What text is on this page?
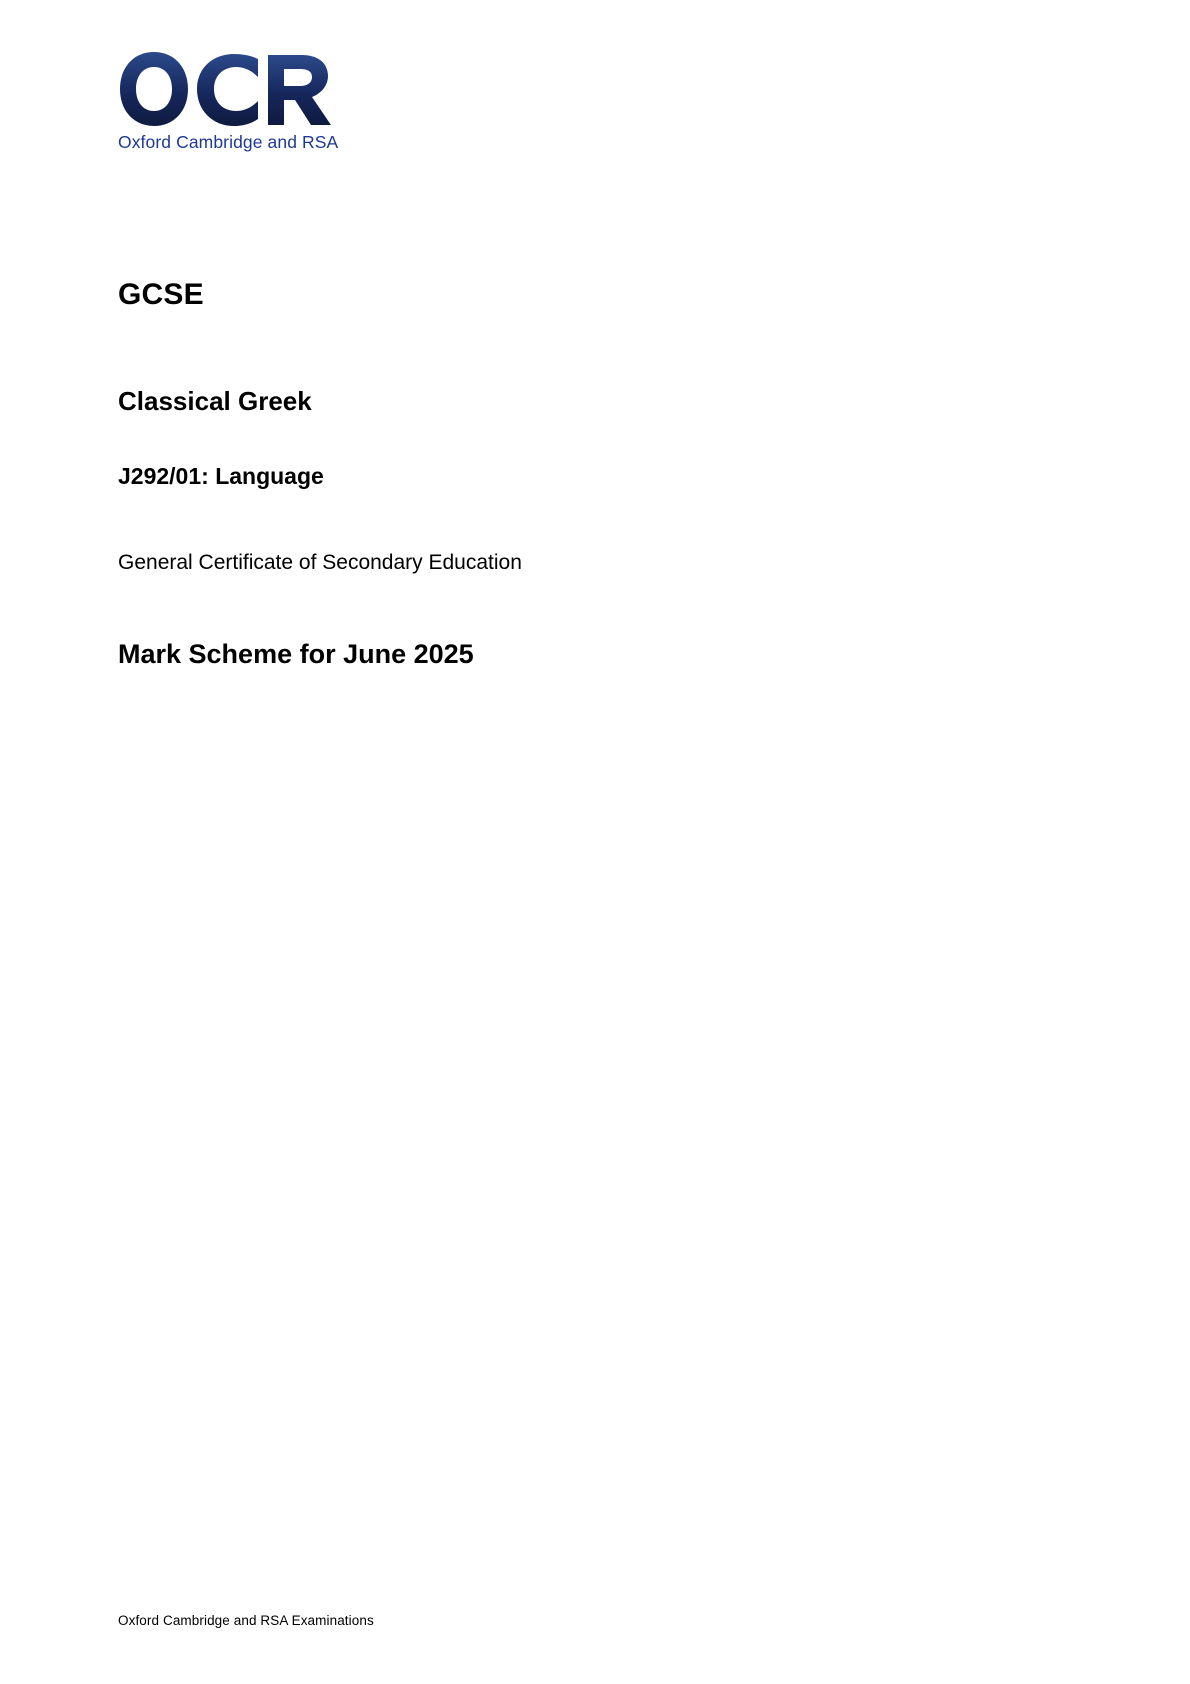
Oxford Cambridge and RSA
GCSE
Classical Greek
J292/01: Language

General Certificate of Secondary Education

Mark Scheme for June 2025
Oxford Cambridge and RSA Examinations
